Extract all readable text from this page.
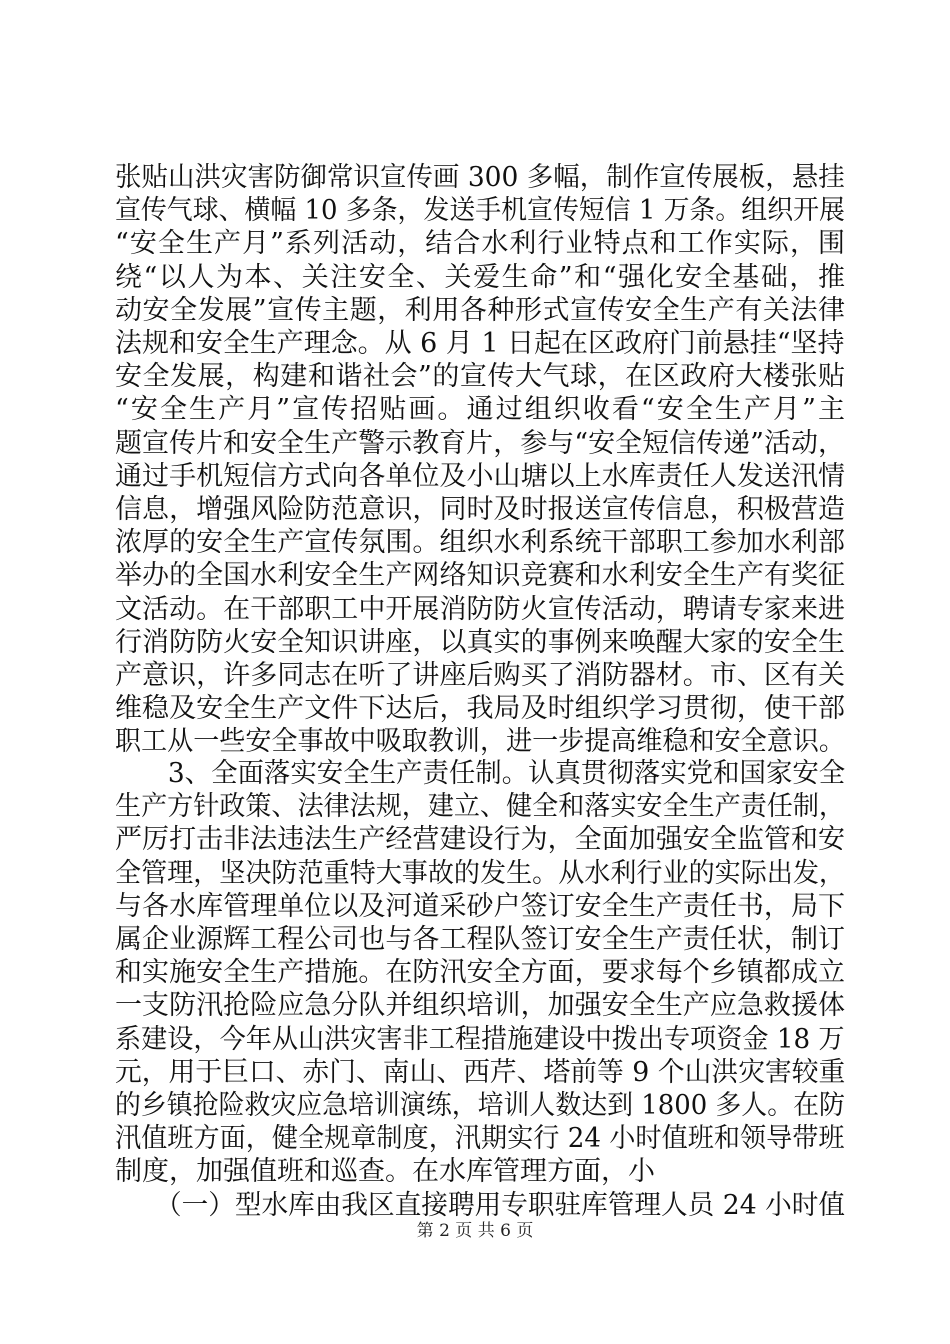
张贴山洪灾害防御常识宣传画 300 多幅，制作宣传展板，悬挂
宣传气球、横幅 10 多条，发送手机宣传短信 1 万条。组织开展
“安全生产月”系列活动，结合水利行业特点和工作实际，围
绕“以人为本、关注安全、关爱生命”和“强化安全基础，推
动安全发展”宣传主题，利用各种形式宣传安全生产有关法律
法规和安全生产理念。从 6 月 1 日起在区政府门前悬挂“坚持
安全发展，构建和谐社会”的宣传大气球，在区政府大楼张贴
“安全生产月”宣传招贴画。通过组织收看“安全生产月”主
题宣传片和安全生产警示教育片，参与“安全短信传递”活动，
通过手机短信方式向各单位及小山塘以上水库责任人发送汛情
信息，增强风险防范意识，同时及时报送宣传信息，积极营造
浓厚的安全生产宣传氛围。组织水利系统干部职工参加水利部
举办的全国水利安全生产网络知识竞赛和水利安全生产有奖征
文活动。在干部职工中开展消防防火宣传活动，聘请专家来进
行消防防火安全知识讲座，以真实的事例来唤醒大家的安全生
产意识，许多同志在听了讲座后购买了消防器材。市、区有关
维稳及安全生产文件下达后，我局及时组织学习贯彻，使干部
职工从一些安全事故中吸取教训，进一步提高维稳和安全意识。
　　3、全面落实安全生产责任制。认真贯彻落实党和国家安全
生产方针政策、法律法规，建立、健全和落实安全生产责任制，
严厉打击非法违法生产经营建设行为，全面加强安全监管和安
全管理，坚决防范重特大事故的发生。从水利行业的实际出发，
与各水库管理单位以及河道采砂户签订安全生产责任书，局下
属企业源辉工程公司也与各工程队签订安全生产责任状，制订
和实施安全生产措施。在防汛安全方面，要求每个乡镇都成立
一支防汛抢险应急分队并组织培训，加强安全生产应急救援体
系建设，今年从山洪灾害非工程措施建设中拨出专项资金 18 万
元，用于巨口、赤门、南山、西芹、塔前等 9 个山洪灾害较重
的乡镇抢险救灾应急培训演练，培训人数达到 1800 多人。在防
汛值班方面，健全规章制度，汛期实行 24 小时值班和领导带班
制度，加强值班和巡查。在水库管理方面，小
　　（一）型水库由我区直接聘用专职驻库管理人员 24 小时值
第 2 页 共 6 页
